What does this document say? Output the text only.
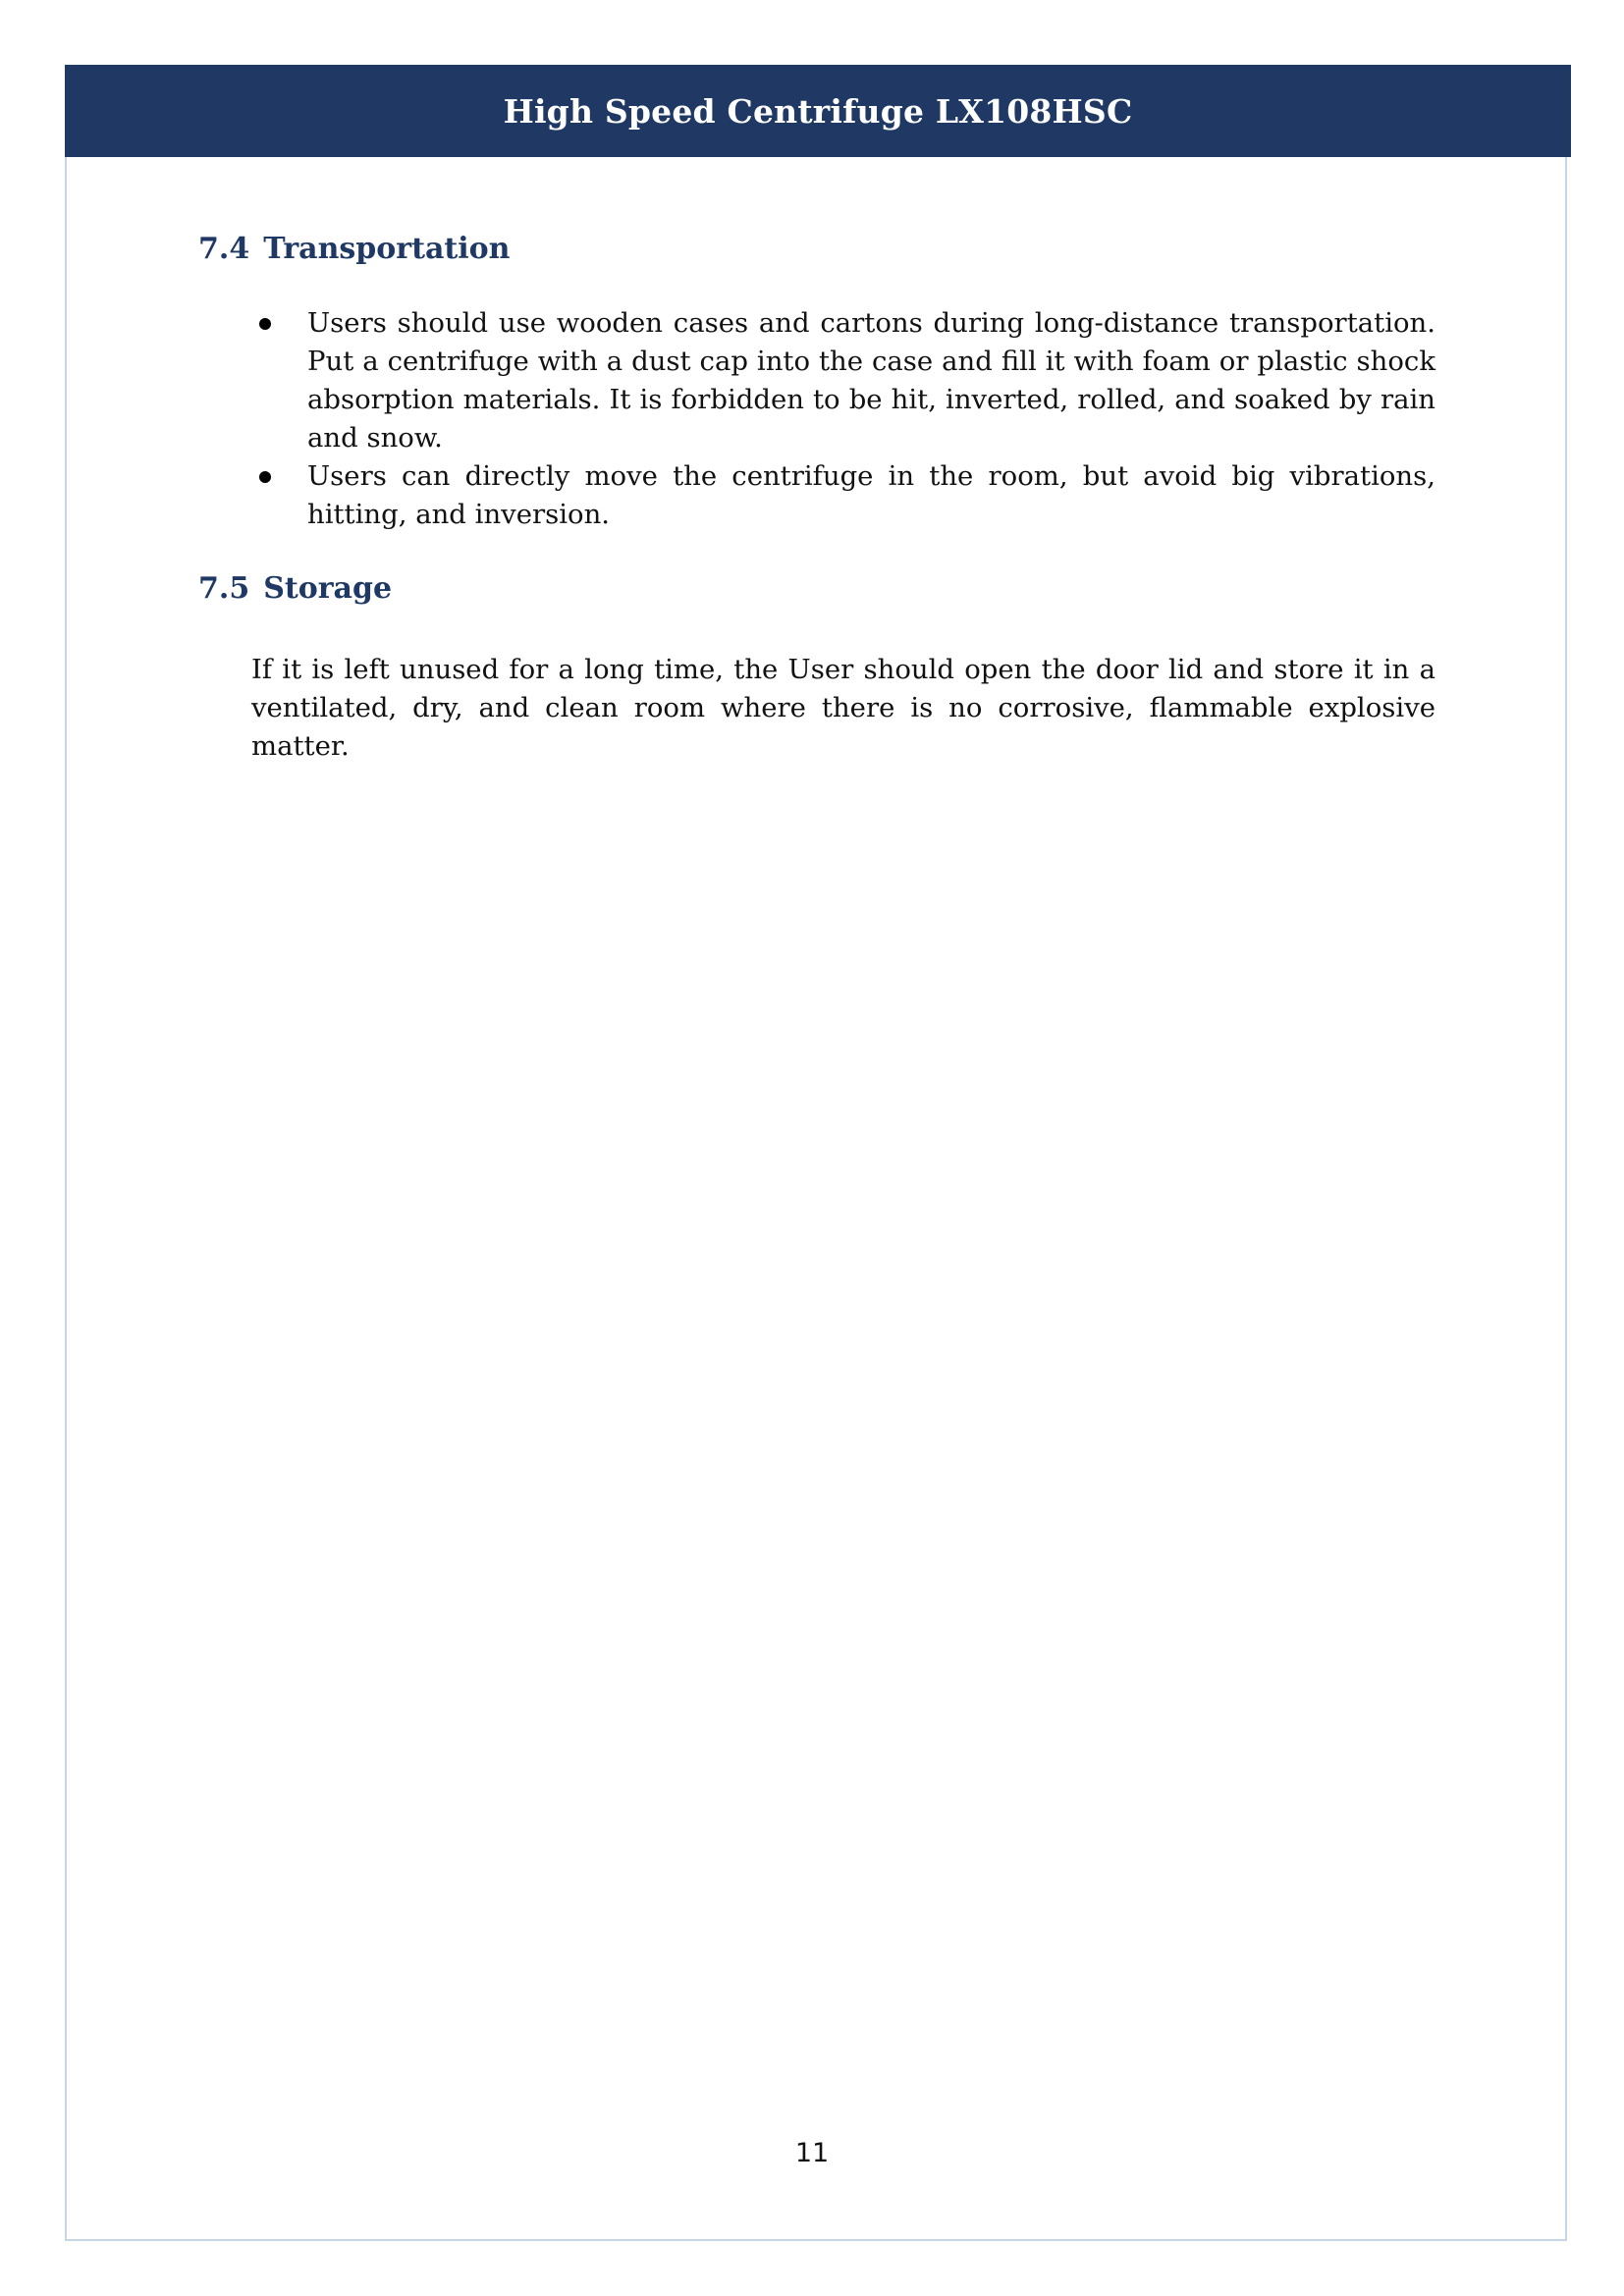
High Speed Centrifuge LX108HSC
7.4 Transportation
Users should use wooden cases and cartons during long-distance transportation. Put a centrifuge with a dust cap into the case and fill it with foam or plastic shock absorption materials. It is forbidden to be hit, inverted, rolled, and soaked by rain and snow.
Users can directly move the centrifuge in the room, but avoid big vibrations, hitting, and inversion.
7.5 Storage

If it is left unused for a long time, the User should open the door lid and store it in a ventilated, dry, and clean room where there is no corrosive, flammable explosive matter.

11
